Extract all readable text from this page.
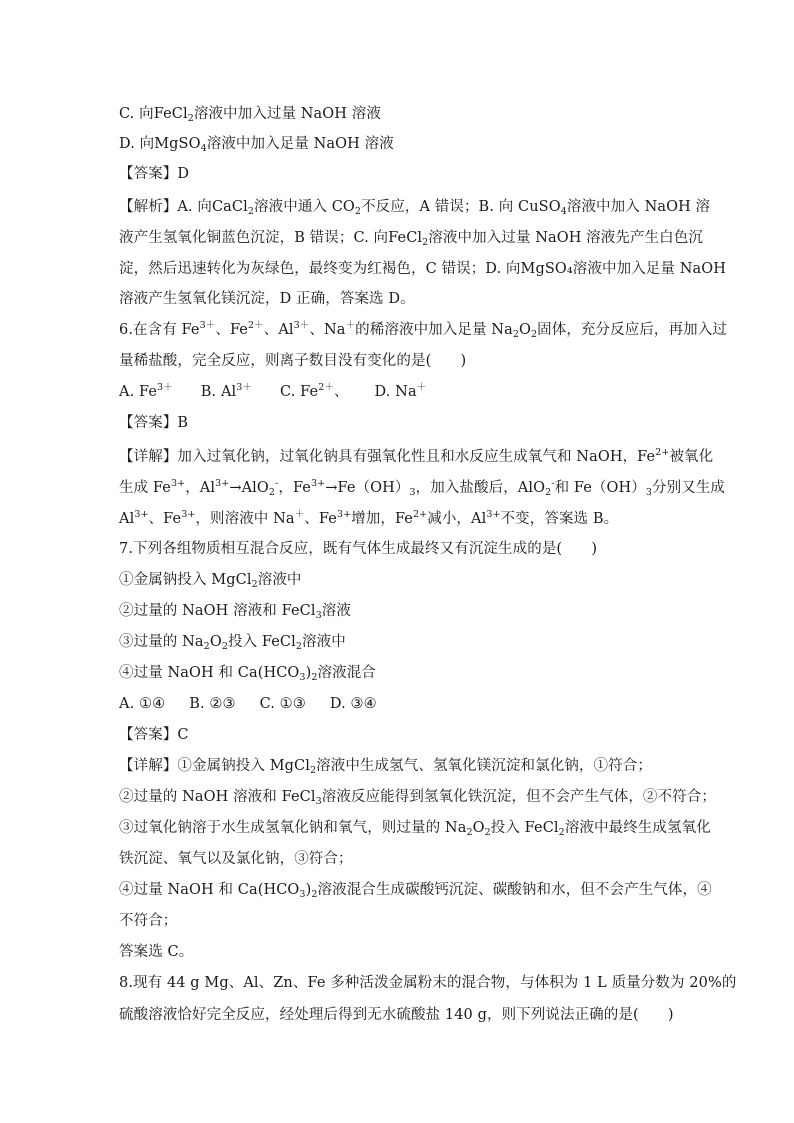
C. 向FeCl$_2$溶液中加入过量 NaOH 溶液
D. 向MgSO$_4$溶液中加入足量 NaOH 溶液
【答案】D
【解析】A. 向CaCl$_2$溶液中通入 $CO_2$不反应，A 错误；B. 向 CuSO$_4$溶液中加入 NaOH 溶
液产生氢氧化铜蓝色沉淀，B 错误；C. 向FeCl$_2$溶液中加入过量 NaOH 溶液先产生白色沉
淀，然后迅速转化为灰绿色，最终变为红褐色，C 错误；D. 向MgSO₄溶液中加入足量 NaOH
溶液产生氢氧化镁沉淀，D 正确，答案选 D。
6.在含有 $Fe^{3+}$、$Fe^{2+}$、$Al^{3+}$、Na＋的稀溶液中加入足量 $Na_2O_2$固体，充分反应后，再加入过
量稀盐酸，完全反应，则离子数目没有变化的是(　　)
A. $Fe^{3+}$ B. $Al^{3+}$ C. $Fe^{2+}$、 D. Na＋
【答案】B
【详解】加入过氧化钠，过氧化钠具有强氧化性且和水反应生成氧气和 NaOH，$Fe^{2+}$被氧化
生成 $Fe^{3+}$，$Al^{3+}\to AlO_2^-$，$Fe^{3+}\to Fe(OH)_3$，加入盐酸后，AlO$_2$-和 $Fe(OH)_3$分别又生成
$Al^{3+}$、$Fe^{3+}$，则溶液中 Na＋、$Fe^{3+}$增加，$Fe^{2+}$减小，$Al^{3+}$不变，答案选 B。
7.下列各组物质相互混合反应，既有气体生成最终又有沉淀生成的是(　　)
①金属钠投入 MgCl$_2$溶液中
②过量的 NaOH 溶液和 FeCl$_3$溶液
③过量的 $Na_2O_2$投入 FeCl$_2$溶液中
④过量 NaOH 和 $Ca(HCO_3)_2$溶液混合
A. ①④ B. ②③ C. ①③ D. ③④
【答案】C
【详解】①金属钠投入 MgCl$_2$溶液中生成氢气、氢氧化镁沉淀和氯化钠，①符合；
②过量的 NaOH 溶液和 FeCl$_3$溶液反应能得到氢氧化铁沉淀，但不会产生气体，②不符合；
③过氧化钠溶于水生成氢氧化钠和氧气，则过量的 $Na_2O_2$投入 FeCl$_2$溶液中最终生成氢氧化
铁沉淀、氧气以及氯化钠，③符合；
④过量 NaOH 和 $Ca(HCO_3)_2$溶液混合生成碳酸钙沉淀、碳酸钠和水，但不会产生气体，④
不符合；
答案选 C。
8.现有 44 g Mg、Al、Zn、Fe 多种活泼金属粉末的混合物，与体积为 1 L 质量分数为 20%的
硫酸溶液恰好完全反应，经处理后得到无水硫酸盐 140 g，则下列说法正确的是(　　)
